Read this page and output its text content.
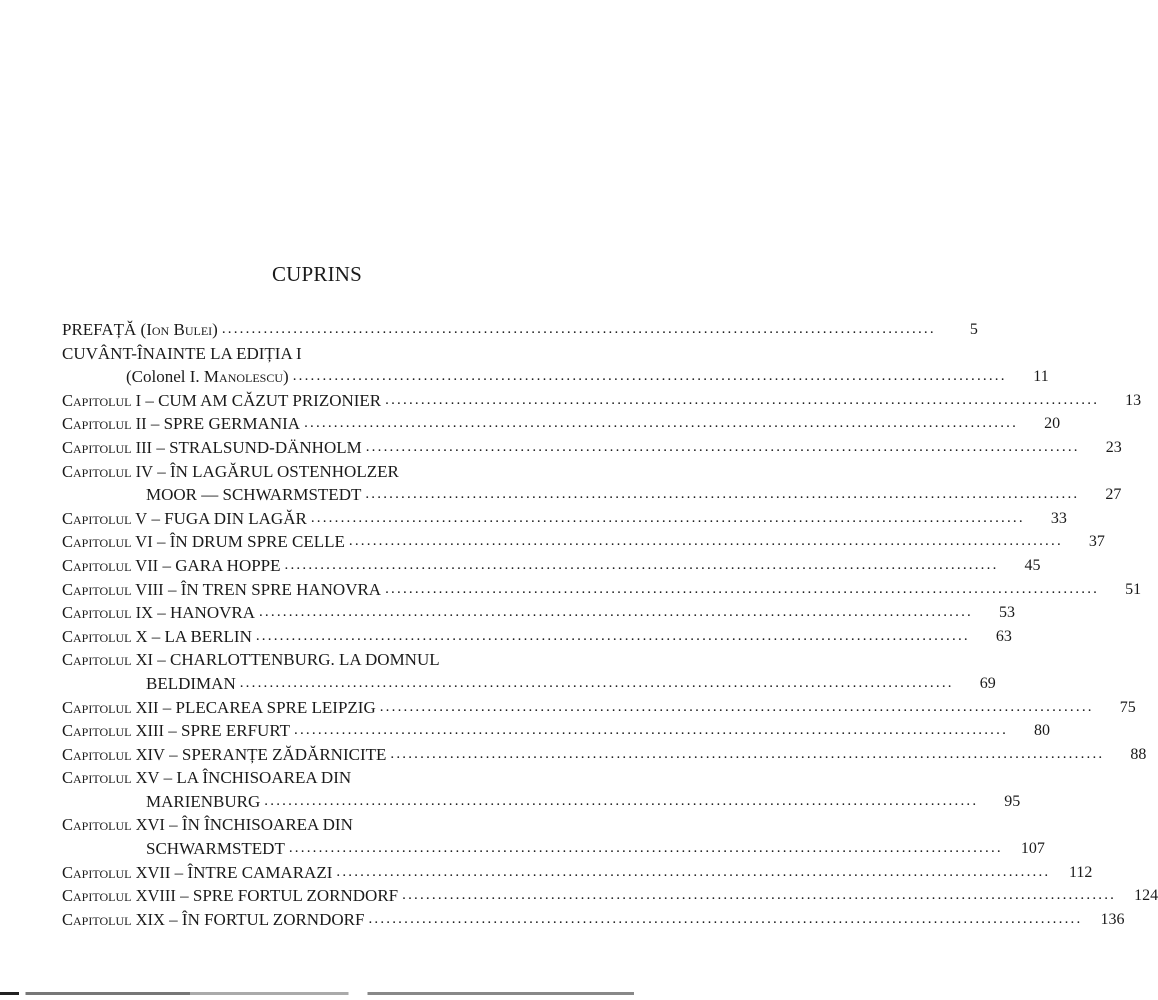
CUPRINS
PREFAȚĂ (Ion Bulei) ........................................................................................................................	5
CUVÂNT-ÎNAINTE LA EDIȚIA I
(Colonel I. Manolescu) ........................................................................................................................	11
Capitolul I – CUM AM CĂZUT PRIZONIER ........................................................................................................................	13
Capitolul II – SPRE GERMANIA ........................................................................................................................	20
Capitolul III – STRALSUND-DÄNHOLM ........................................................................................................................	23
Capitolul IV – ÎN LAGĂRUL OSTENHOLZER
MOOR — SCHWARMSTEDT ........................................................................................................................	27
Capitolul V – FUGA DIN LAGĂR ........................................................................................................................	33
Capitolul VI – ÎN DRUM SPRE CELLE ........................................................................................................................	37
Capitolul VII – GARA HOPPE ........................................................................................................................	45
Capitolul VIII – ÎN TREN SPRE HANOVRA ........................................................................................................................	51
Capitolul IX – HANOVRA ........................................................................................................................	53
Capitolul X – LA BERLIN ........................................................................................................................	63
Capitolul XI – CHARLOTTENBURG. LA DOMNUL
BELDIMAN ........................................................................................................................	69
Capitolul XII – PLECAREA SPRE LEIPZIG ........................................................................................................................	75
Capitolul XIII – SPRE ERFURT ........................................................................................................................	80
Capitolul XIV – SPERANȚE ZĂDĂRNICITE ........................................................................................................................	88
Capitolul XV – LA ÎNCHISOAREA DIN
MARIENBURG ........................................................................................................................	95
Capitolul XVI – ÎN ÎNCHISOAREA DIN
SCHWARMSTEDT ........................................................................................................................ 107
Capitolul XVII – ÎNTRE CAMARAZI ........................................................................................................................ 112
Capitolul XVIII – SPRE FORTUL ZORNDORF ........................................................................................................................ 124
Capitolul XIX – ÎN FORTUL ZORNDORF ........................................................................................................................ 136
